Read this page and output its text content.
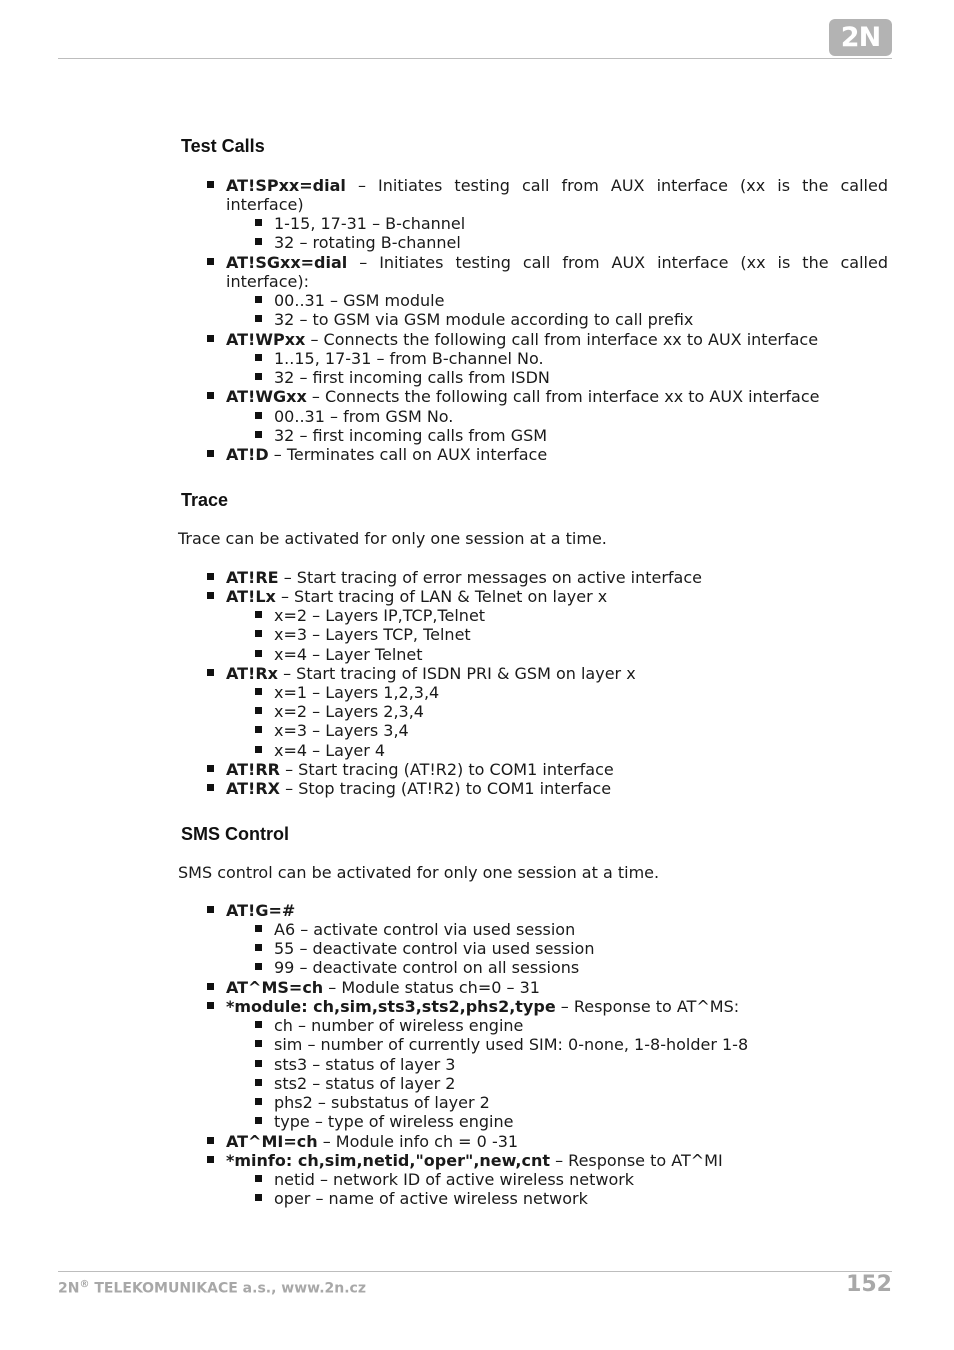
2N
Test Calls

AT!SPxx=dial – Initiates testing call from AUX interface (xx is the called interface)

1-15, 17-31 – B-channel

32 – rotating B-channel

AT!SGxx=dial – Initiates testing call from AUX interface (xx is the called interface):

00..31 – GSM module

32 – to GSM via GSM module according to call prefix

AT!WPxx – Connects the following call from interface xx to AUX interface

1..15, 17-31 – from B-channel No.

32 – first incoming calls from ISDN

AT!WGxx – Connects the following call from interface xx to AUX interface

00..31 – from GSM No.

32 – first incoming calls from GSM

AT!D – Terminates call on AUX interface

Trace

Trace can be activated for only one session at a time.

AT!RE – Start tracing of error messages on active interface

AT!Lx – Start tracing of LAN & Telnet on layer x

x=2 – Layers IP,TCP,Telnet

x=3 – Layers TCP, Telnet

x=4 – Layer Telnet

AT!Rx – Start tracing of ISDN PRI & GSM on layer x

x=1 – Layers 1,2,3,4

x=2 – Layers 2,3,4

x=3 – Layers 3,4

x=4 – Layer 4

AT!RR – Start tracing (AT!R2) to COM1 interface

AT!RX – Stop tracing (AT!R2) to COM1 interface

SMS Control

SMS control can be activated for only one session at a time.

AT!G=#

A6 – activate control via used session

55 – deactivate control via used session

99 – deactivate control on all sessions

AT^MS=ch – Module status ch=0 – 31

*module: ch,sim,sts3,sts2,phs2,type – Response to AT^MS:

ch – number of wireless engine

sim – number of currently used SIM: 0-none, 1-8-holder 1-8

sts3 – status of layer 3

sts2 – status of layer 2

phs2 – substatus of layer 2

type – type of wireless engine

AT^MI=ch – Module info ch = 0 -31

*minfo: ch,sim,netid,"oper",new,cnt – Response to AT^MI

netid – network ID of active wireless network

oper – name of active wireless network

2N® TELEKOMUNIKACE a.s., www.2n.cz	152
